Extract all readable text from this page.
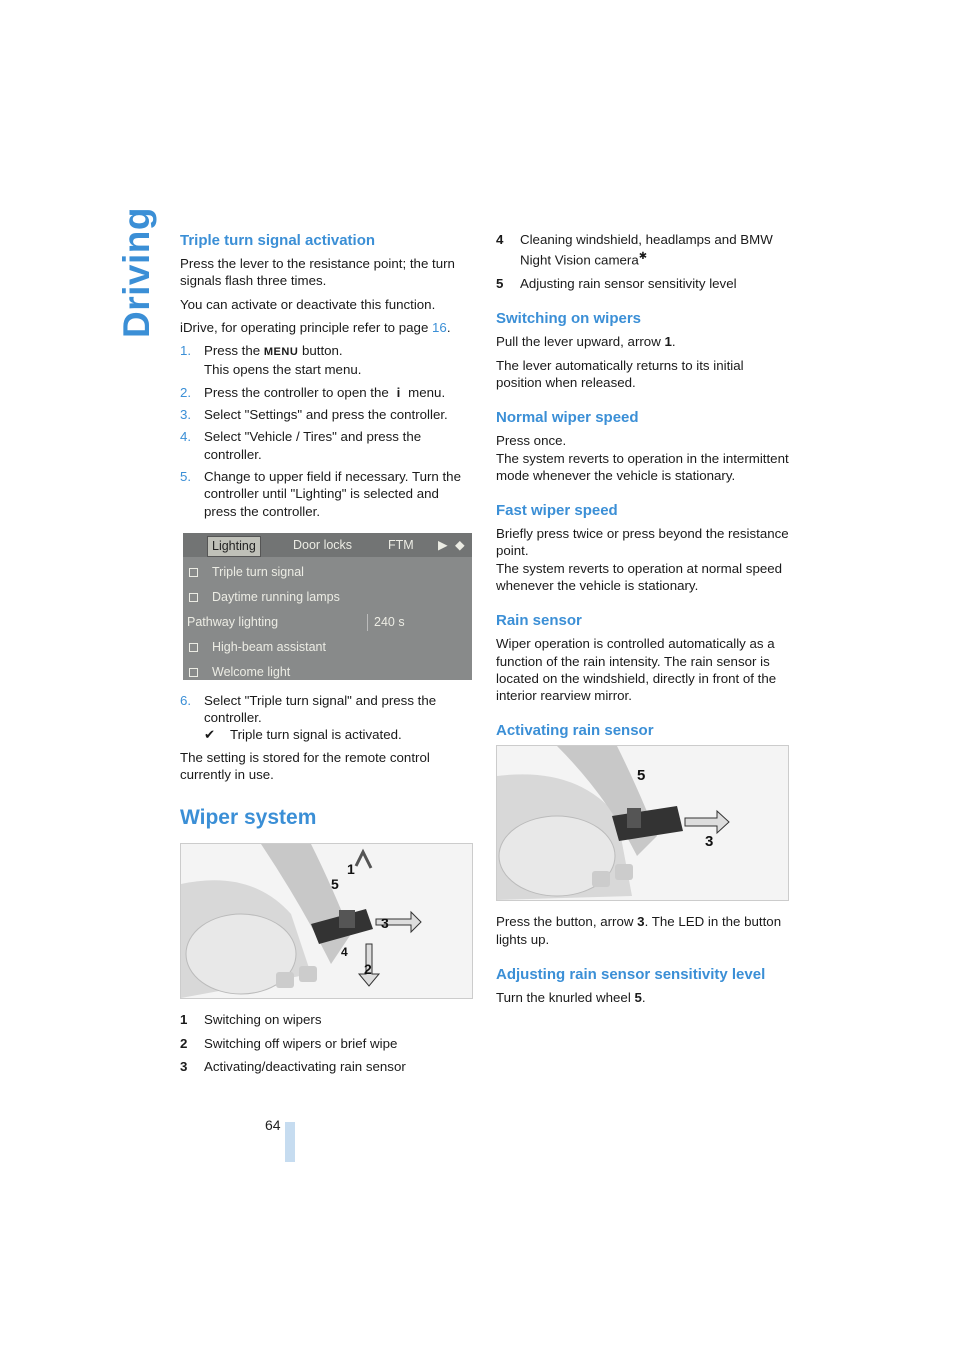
Driving Triple turn signal activation

Press the lever to the resistance point; the turn signals flash three times.

You can activate or deactivate this function.

iDrive, for operating principle refer to page 16.

1. Press the MENU button.
This opens the start menu.
2. Press the controller to open the i menu.
3. Select "Settings" and press the controller.
4. Select "Vehicle / Tires" and press the controller.
5. Change to upper field if necessary. Turn the controller until "Lighting" is selected and press the controller.
Lighting	Door locks	FTM ▶ ◆
Triple turn signal
Daytime running lamps
Pathway lighting	240 s
High-beam assistant
Welcome light
6. Select "Triple turn signal" and press the controller.
✔ Triple turn signal is activated.

The setting is stored for the remote control currently in use.

Wiper system
5
1
3
4
2
1	Switching on wipers
2	Switching off wipers or brief wipe
3	Activating/deactivating rain sensor
4	Cleaning windshield, headlamps and BMW Night Vision camera✱
5	Adjusting rain sensor sensitivity level
Switching on wipers

Pull the lever upward, arrow 1.

The lever automatically returns to its initial position when released.

Normal wiper speed

Press once.

The system reverts to operation in the intermittent mode whenever the vehicle is stationary.

Fast wiper speed

Briefly press twice or press beyond the resistance point.

The system reverts to operation at normal speed whenever the vehicle is stationary.

Rain sensor

Wiper operation is controlled automatically as a function of the rain intensity. The rain sensor is located on the windshield, directly in front of the interior rearview mirror.

Activating rain sensor
5
3

Press the button, arrow 3. The LED in the button lights up.

Adjusting rain sensor sensitivity level

Turn the knurled wheel 5.

64
